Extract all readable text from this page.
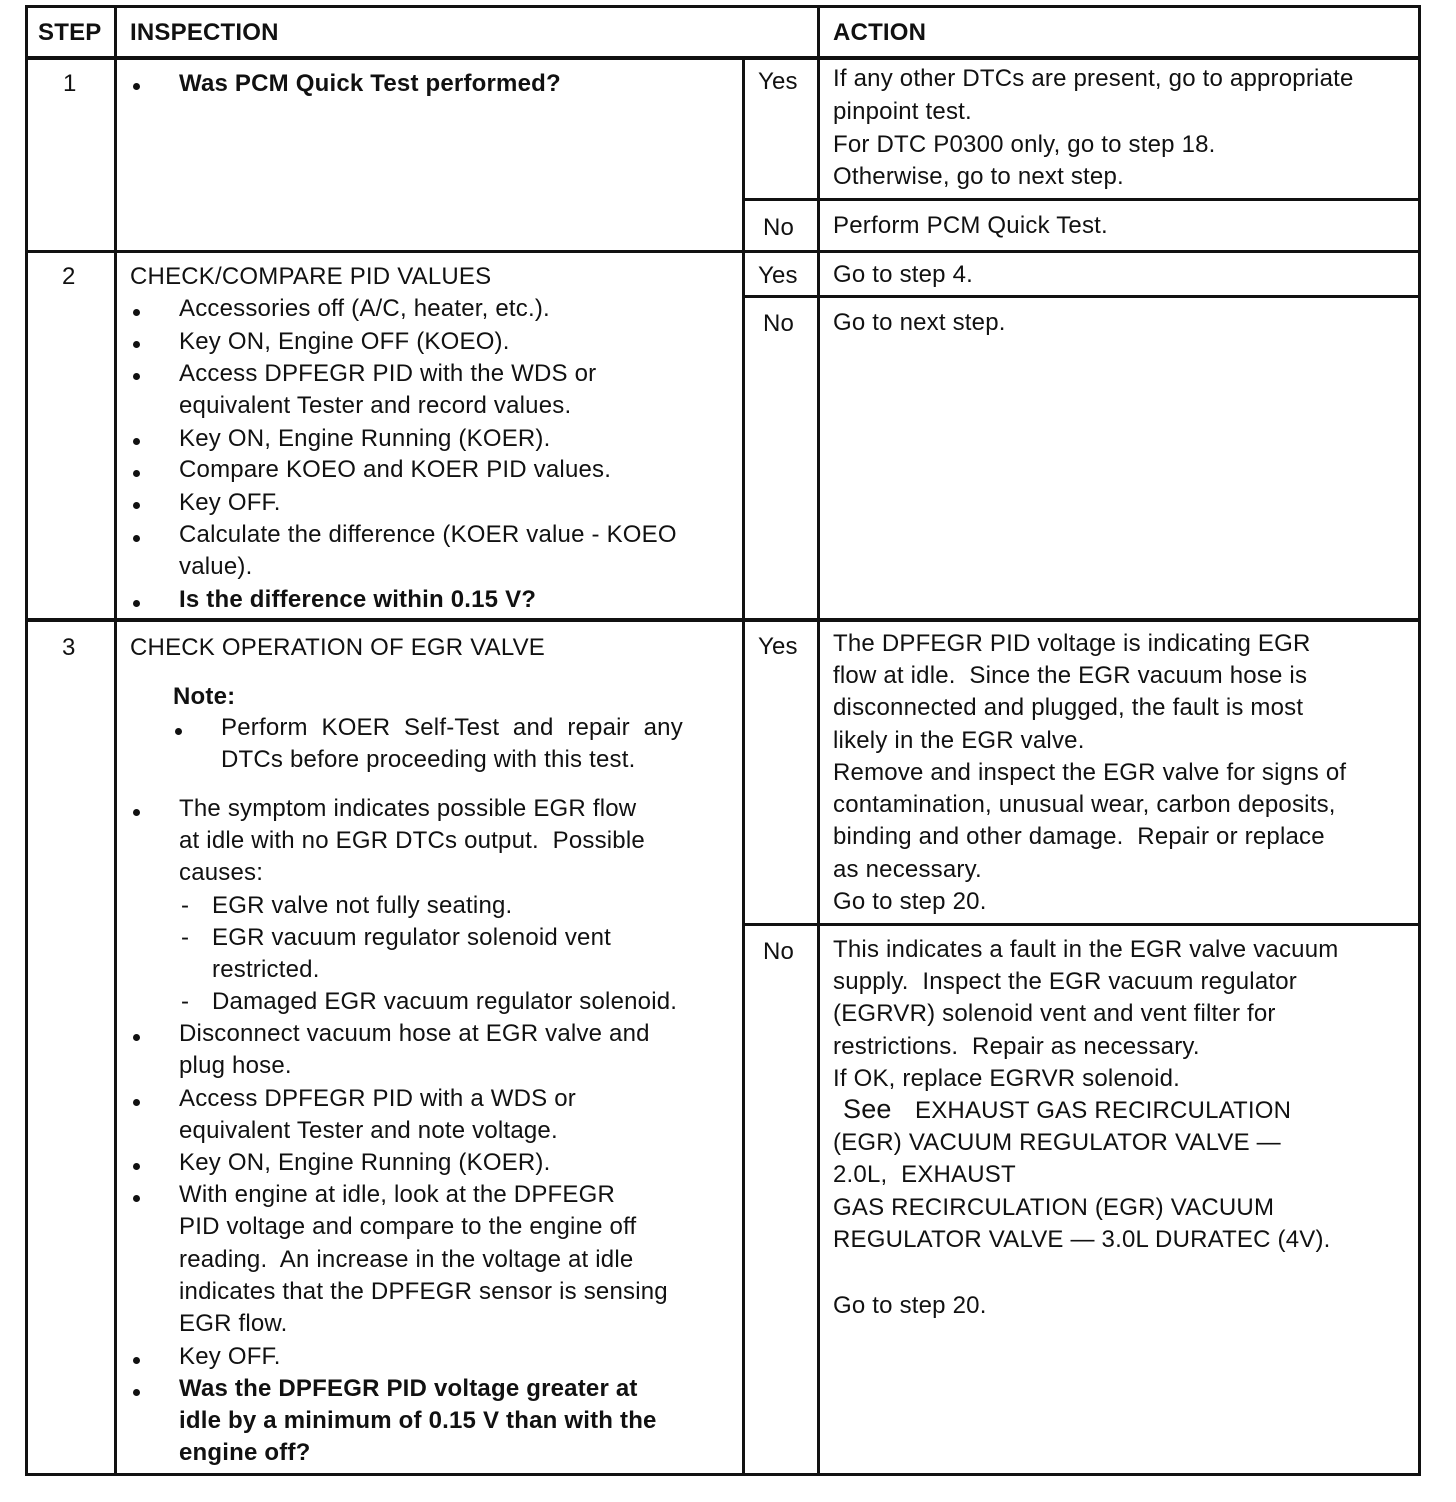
STEP INSPECTION	ACTION
1	Was PCM Quick Test performed?	Yes If any other DTCs are present, go to appropriate
pinpoint test.
For DTC P0300 only, go to step 18.
Otherwise, go to next step.
No Perform PCM Quick Test.
2 CHECK/COMPARE PID VALUES
Accessories off (A/C, heater, etc.).
Key ON, Engine OFF (KOEO).
Access DPFEGR PID with the WDS or
equivalent Tester and record values.
Key ON, Engine Running (KOER).
Compare KOEO and KOER PID values.
Key OFF.
Calculate the difference (KOER value - KOEO
value).
Is the difference within 0.15 V?
Yes Go to step 4.
No Go to next step.
3 CHECK OPERATION OF EGR VALVE
Note:
Perform  KOER  Self-Test  and  repair  any
DTCs before proceeding with this test.
The symptom indicates possible EGR flow
at idle with no EGR DTCs output.  Possible
causes:
- EGR valve not fully seating.
- EGR vacuum regulator solenoid vent
restricted.
- Damaged EGR vacuum regulator solenoid.
Disconnect vacuum hose at EGR valve and
plug hose.
Access DPFEGR PID with a WDS or
equivalent Tester and note voltage.
Key ON, Engine Running (KOER).
With engine at idle, look at the DPFEGR
PID voltage and compare to the engine off
reading.  An increase in the voltage at idle
indicates that the DPFEGR sensor is sensing
EGR flow.
Key OFF.
Was the DPFEGR PID voltage greater at
idle by a minimum of 0.15 V than with the
engine off?
Yes The DPFEGR PID voltage is indicating EGR
flow at idle.  Since the EGR vacuum hose is
disconnected and plugged, the fault is most
likely in the EGR valve.
Remove and inspect the EGR valve for signs of
contamination, unusual wear, carbon deposits,
binding and other damage.  Repair or replace
as necessary.
Go to step 20.
No This indicates a fault in the EGR valve vacuum
supply.  Inspect the EGR vacuum regulator
(EGRVR) solenoid vent and vent filter for
restrictions.  Repair as necessary.
If OK, replace EGRVR solenoid.
See EXHAUST GAS RECIRCULATION
(EGR) VACUUM REGULATOR VALVE —
2.0L,  EXHAUST
GAS RECIRCULATION (EGR) VACUUM
REGULATOR VALVE — 3.0L DURATEC (4V).
Go to step 20.
